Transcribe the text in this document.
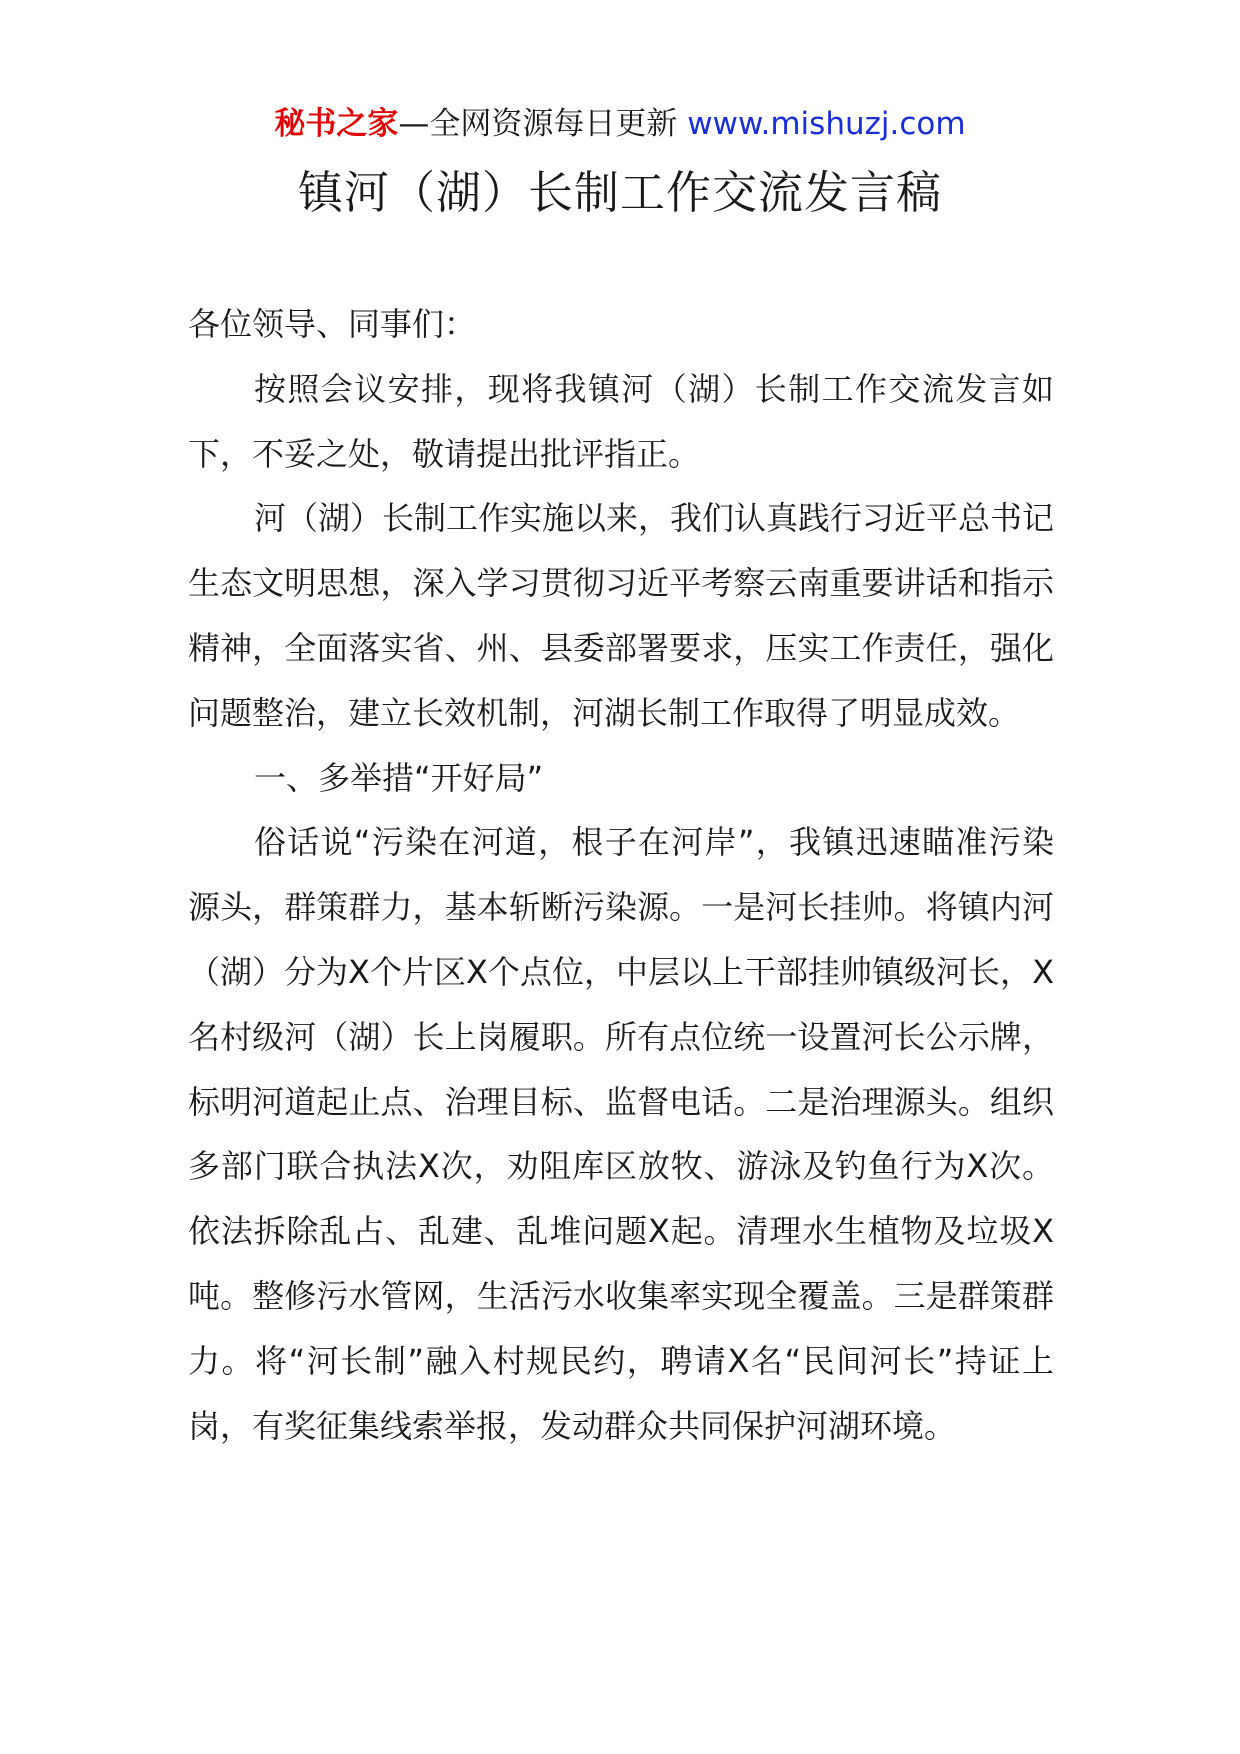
秘书之家—全网资源每日更新 www.mishuzj.com
镇河（湖）长制工作交流发言稿

各位领导、同事们：

按照会议安排，现将我镇河（湖）长制工作交流发言如下，不妥之处，敬请提出批评指正。

河（湖）长制工作实施以来，我们认真践行习近平总书记生态文明思想，深入学习贯彻习近平考察云南重要讲话和指示精神，全面落实省、州、县委部署要求，压实工作责任，强化问题整治，建立长效机制，河湖长制工作取得了明显成效。

一、多举措“开好局”

俗话说“污染在河道，根子在河岸”，我镇迅速瞄准污染源头，群策群力，基本斩断污染源。一是河长挂帅。将镇内河（湖）分为X个片区X个点位，中层以上干部挂帅镇级河长，X名村级河（湖）长上岗履职。所有点位统一设置河长公示牌，标明河道起止点、治理目标、监督电话。二是治理源头。组织多部门联合执法X次，劝阻库区放牧、游泳及钓鱼行为X次。依法拆除乱占、乱建、乱堆问题X起。清理水生植物及垃圾X吨。整修污水管网，生活污水收集率实现全覆盖。三是群策群力。将“河长制”融入村规民约，聘请X名“民间河长”持证上岗，有奖征集线索举报，发动群众共同保护河湖环境。
